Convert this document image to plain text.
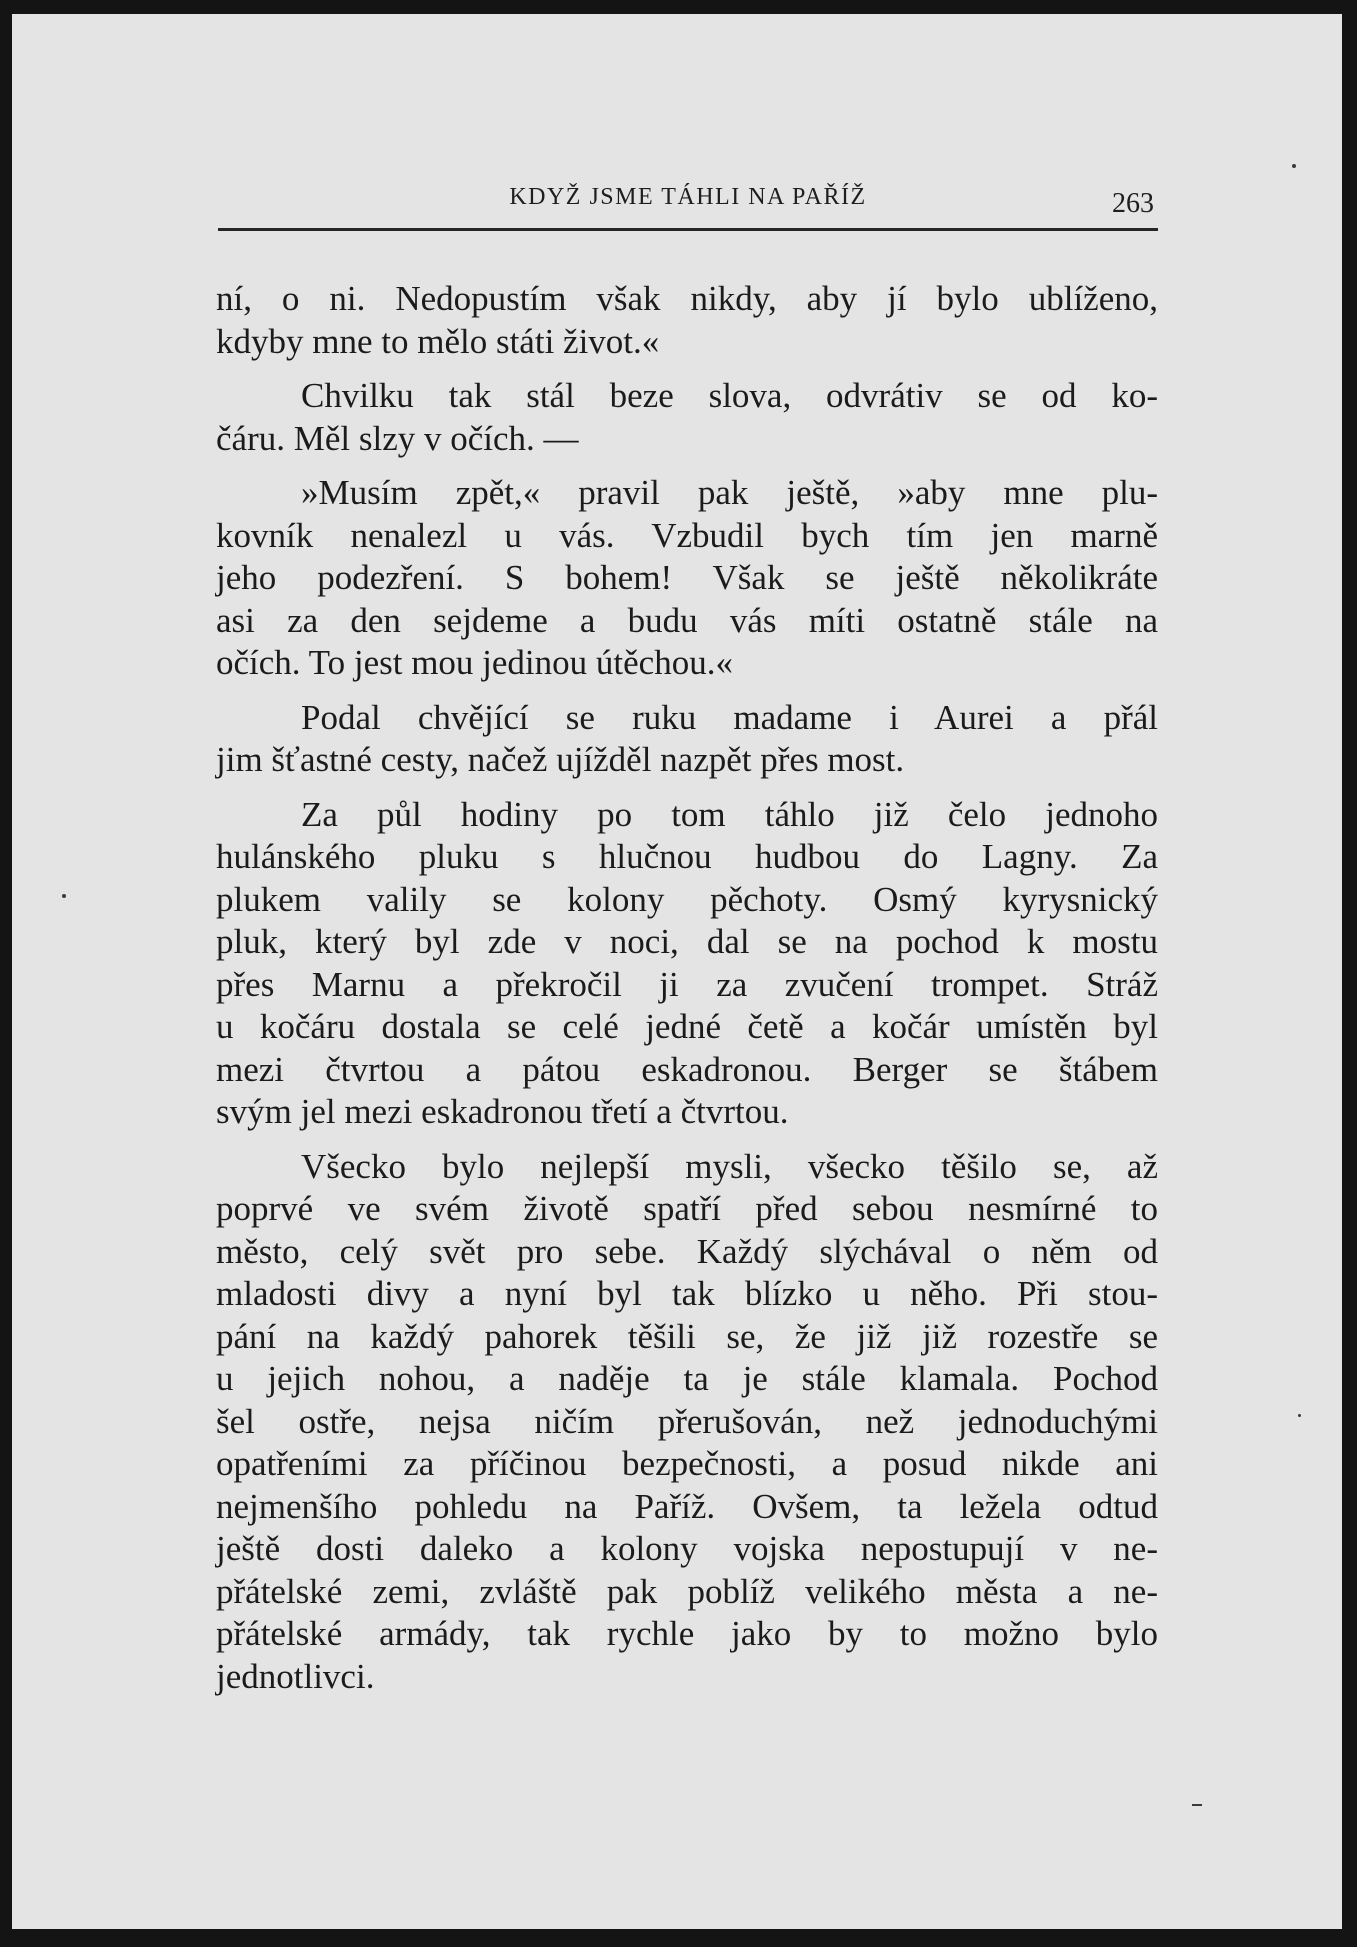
KDYŽ JSME TÁHLI NA PAŘÍŽ	263

ní, o ni. Nedopustím však nikdy, aby jí bylo ublíženo,
kdyby mne to mělo státi život.«

Chvilku tak stál beze slova, odvrátiv se od ko-
čáru. Měl slzy v očích. —

»Musím zpět,« pravil pak ještě, »aby mne plu-
kovník nenalezl u vás. Vzbudil bych tím jen marně
jeho podezření. S bohem! Však se ještě několikráte
asi za den sejdeme a budu vás míti ostatně stále na
očích. To jest mou jedinou útěchou.«

Podal chvějící se ruku madame i Aurei a přál
jim šťastné cesty, načež ujížděl nazpět přes most.

Za půl hodiny po tom táhlo již čelo jednoho
hulánského pluku s hlučnou hudbou do Lagny. Za
plukem valily se kolony pěchoty. Osmý kyrysnický
pluk, který byl zde v noci, dal se na pochod k mostu
přes Marnu a překročil ji za zvučení trompet. Stráž
u kočáru dostala se celé jedné četě a kočár umístěn byl
mezi čtvrtou a pátou eskadronou. Berger se štábem
svým jel mezi eskadronou třetí a čtvrtou.

Všecko bylo nejlepší mysli, všecko těšilo se, až
poprvé ve svém životě spatří před sebou nesmírné to
město, celý svět pro sebe. Každý slýchával o něm od
mladosti divy a nyní byl tak blízko u něho. Při stou-
pání na každý pahorek těšili se, že již již rozestře se
u jejich nohou, a naděje ta je stále klamala. Pochod
šel ostře, nejsa ničím přerušován, než jednoduchými
opatřeními za příčinou bezpečnosti, a posud nikde ani
nejmenšího pohledu na Paříž. Ovšem, ta ležela odtud
ještě dosti daleko a kolony vojska nepostupují v ne-
přátelské zemi, zvláště pak poblíž velikého města a ne-
přátelské armády, tak rychle jako by to možno bylo
jednotlivci.
